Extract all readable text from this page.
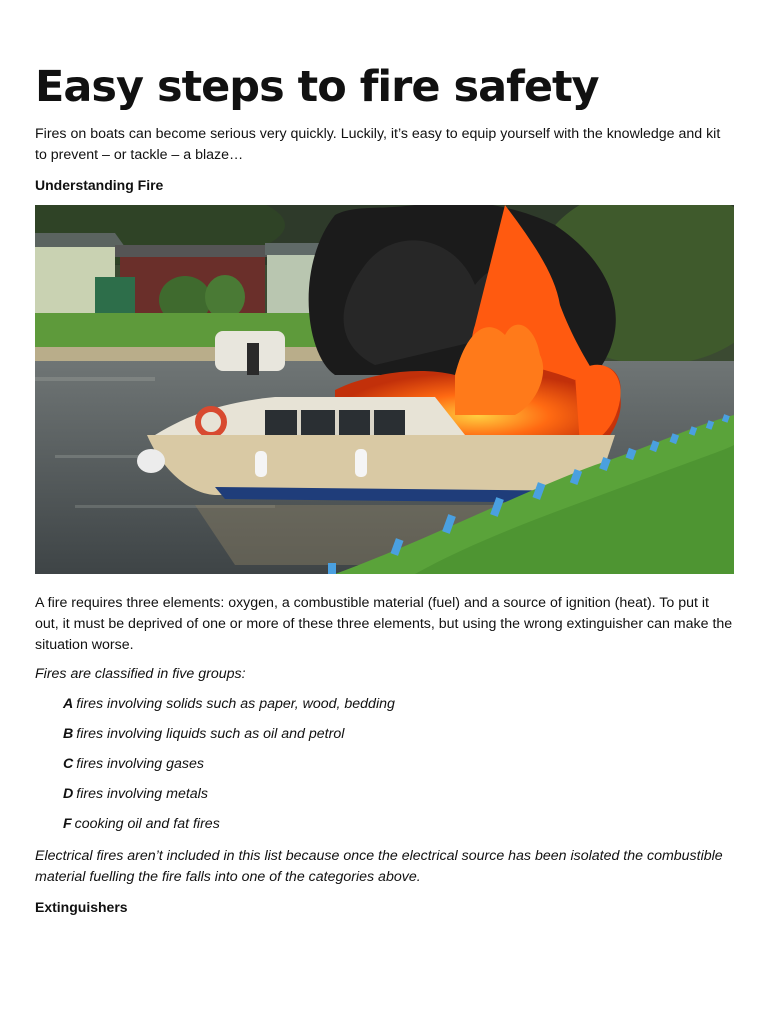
Easy steps to fire safety

Fires on boats can become serious very quickly. Luckily, it’s easy to equip yourself with the knowledge and kit to prevent – or tackle – a blaze…

Understanding Fire

A fire requires three elements: oxygen, a combustible material (fuel) and a source of ignition (heat). To put it out, it must be deprived of one or more of these three elements, but using the wrong extinguisher can make the situation worse.

Fires are classified in five groups:

A fires involving solids such as paper, wood, bedding

B fires involving liquids such as oil and petrol

C fires involving gases

D fires involving metals

F cooking oil and fat fires

Electrical fires aren’t included in this list because once the electrical source has been isolated the combustible material fuelling the fire falls into one of the categories above.

Extinguishers
